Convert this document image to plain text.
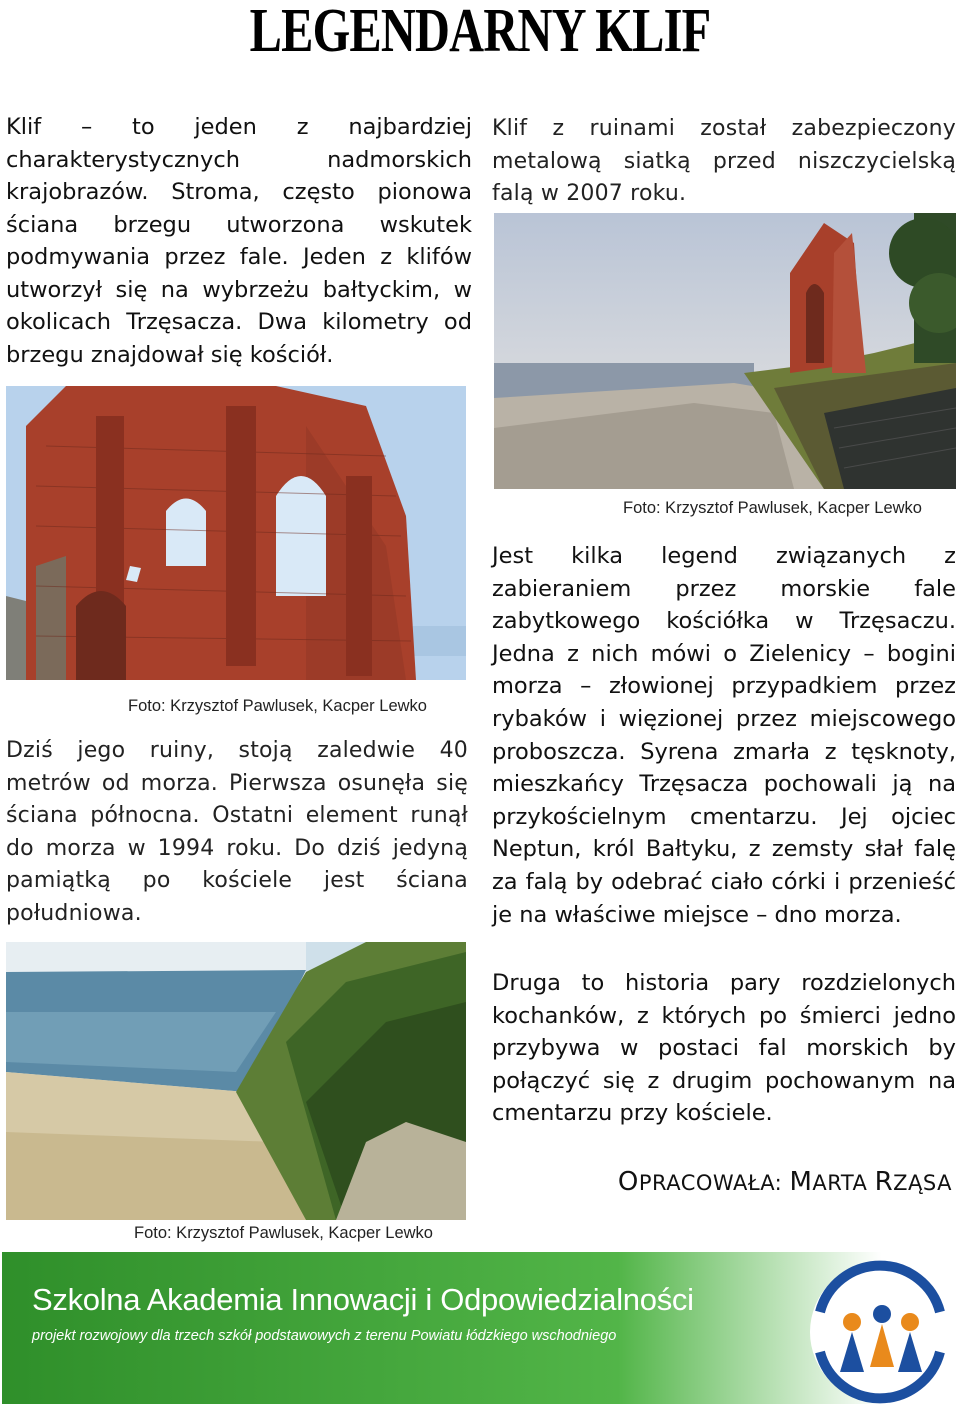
LEGENDARNY KLIF

Klif – to jeden z najbardziej charakterystycznych nadmorskich krajobrazów. Stroma, często pionowa ściana brzegu utworzona wskutek podmywania przez fale. Jeden z klifów utworzył się na wybrzeżu bałtyckim, w okolicach Trzęsacza. Dwa kilometry od brzegu znajdował się kościół.

Klif z ruinami został zabezpieczony metalową siatką przed niszczycielską falą w 2007 roku.

Foto: Krzysztof Pawlusek, Kacper Lewko
Foto: Krzysztof Pawlusek, Kacper Lewko

Dziś jego ruiny, stoją zaledwie 40 metrów od morza. Pierwsza osunęła się ściana północna. Ostatni element runął do morza w 1994 roku. Do dziś jedyną pamiątką po kościele jest ściana południowa.

Foto: Krzysztof Pawlusek, Kacper Lewko

Jest kilka legend związanych z zabieraniem przez morskie fale zabytkowego kościółka w Trzęsaczu. Jedna z nich mówi o Zielenicy – bogini morza – złowionej przypadkiem przez rybaków i więzionej przez miejscowego proboszcza. Syrena zmarła z tęsknoty, mieszkańcy Trzęsacza pochowali ją na przykościelnym cmentarzu. Jej ojciec Neptun, król Bałtyku, z zemsty słał falę za falą by odebrać ciało córki i przenieść je na właściwe miejsce – dno morza.

Druga to historia pary rozdzielonych kochanków, z których po śmierci jedno przybywa w postaci fal morskich by połączyć się z drugim pochowanym na cmentarzu przy kościele.

OPRACOWAŁA: MARTA RZĄSA
Szkolna Akademia Innowacji i Odpowiedzialności
projekt rozwojowy dla trzech szkół podstawowych z terenu Powiatu łódzkiego wschodniego
